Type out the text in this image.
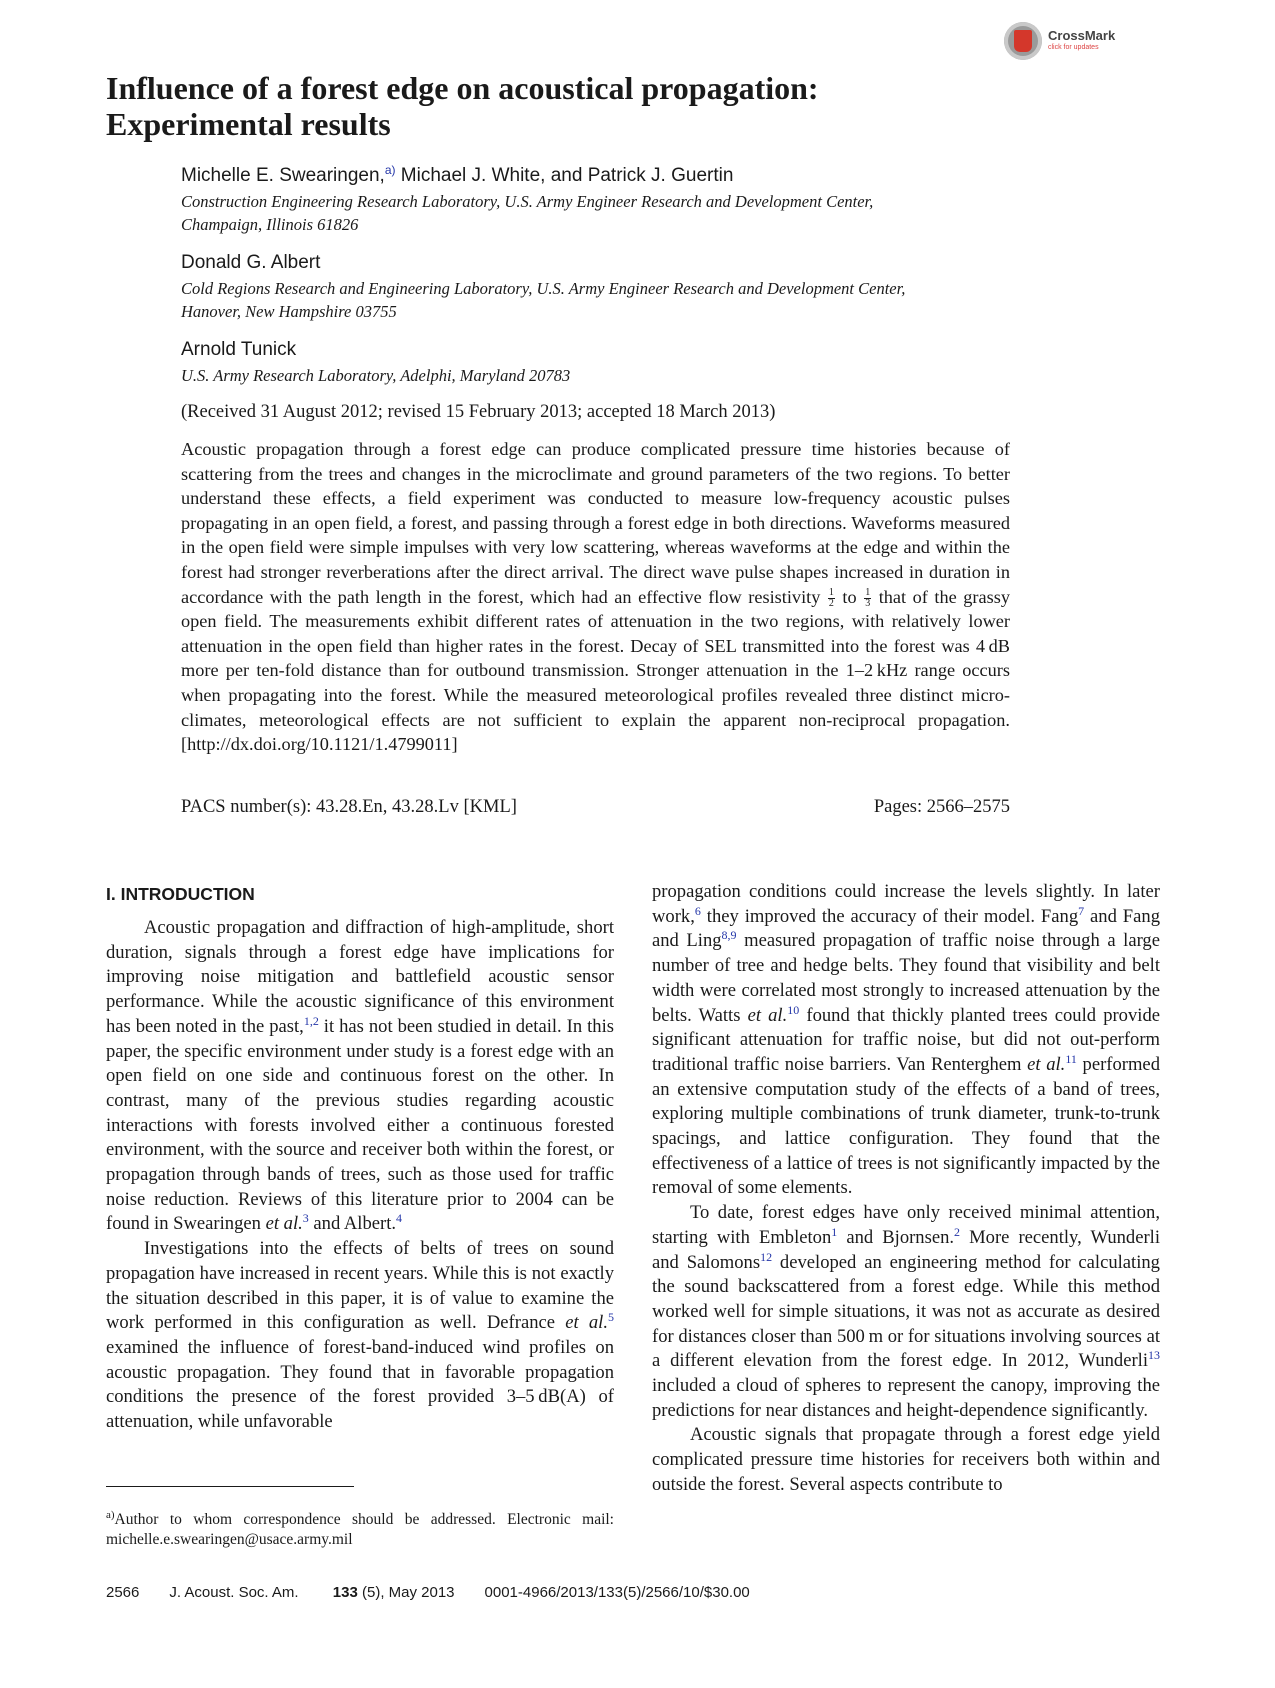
CrossMark
click for updates
Influence of a forest edge on acoustical propagation:
Experimental results
Michelle E. Swearingen,$^{a)}$ Michael J. White, and Patrick J. Guertin
Construction Engineering Research Laboratory, U.S. Army Engineer Research and Development Center,
Champaign, Illinois 61826
Donald G. Albert
Cold Regions Research and Engineering Laboratory, U.S. Army Engineer Research and Development Center,
Hanover, New Hampshire 03755
Arnold Tunick
U.S. Army Research Laboratory, Adelphi, Maryland 20783
(Received 31 August 2012; revised 15 February 2013; accepted 18 March 2013)

Acoustic propagation through a forest edge can produce complicated pressure time histories because of scattering from the trees and changes in the microclimate and ground parameters of the two regions. To better understand these effects, a field experiment was conducted to measure low-frequency acoustic pulses propagating in an open field, a forest, and passing through a forest edge in both directions. Waveforms measured in the open field were simple impulses with very low scattering, whereas waveforms at the edge and within the forest had stronger reverberations after the direct arrival. The direct wave pulse shapes increased in duration in accordance with the path length in the forest, which had an effective flow resistivity $\frac{1}{2}$ to $\frac{1}{3}$ that of the grassy open field. The measurements exhibit different rates of attenuation in the two regions, with relatively lower attenuation in the open field than higher rates in the forest. Decay of SEL transmitted into the forest was 4 dB more per ten-fold distance than for outbound transmission. Stronger attenuation in the 1–2 kHz range occurs when propagating into the forest. While the measured meteorological profiles revealed three distinct micro-climates, meteorological effects are not sufficient to explain the apparent non-reciprocal propagation. [http://dx.doi.org/10.1121/1.4799011]

PACS number(s): 43.28.En, 43.28.Lv [KML]	Pages: 2566–2575
I. INTRODUCTION

Acoustic propagation and diffraction of high-amplitude, short duration, signals through a forest edge have implications for improving noise mitigation and battlefield acoustic sensor performance. While the acoustic significance of this environment has been noted in the past,$^{1,2}$ it has not been studied in detail. In this paper, the specific environment under study is a forest edge with an open field on one side and continuous forest on the other. In contrast, many of the previous studies regarding acoustic interactions with forests involved either a continuous forested environment, with the source and receiver both within the forest, or propagation through bands of trees, such as those used for traffic noise reduction. Reviews of this literature prior to 2004 can be found in Swearingen et al.$^3$ and Albert.$^4$

Investigations into the effects of belts of trees on sound propagation have increased in recent years. While this is not exactly the situation described in this paper, it is of value to examine the work performed in this configuration as well. Defrance et al.$^5$ examined the influence of forest-band-induced wind profiles on acoustic propagation. They found that in favorable propagation conditions the presence of the forest provided 3–5 dB(A) of attenuation, while unfavorable

propagation conditions could increase the levels slightly. In later work,$^6$ they improved the accuracy of their model. Fang$^7$ and Fang and Ling$^{8,9}$ measured propagation of traffic noise through a large number of tree and hedge belts. They found that visibility and belt width were correlated most strongly to increased attenuation by the belts. Watts et al.$^{10}$ found that thickly planted trees could provide significant attenuation for traffic noise, but did not out-perform traditional traffic noise barriers. Van Renterghem et al.$^{11}$ performed an extensive computation study of the effects of a band of trees, exploring multiple combinations of trunk diameter, trunk-to-trunk spacings, and lattice configuration. They found that the effectiveness of a lattice of trees is not significantly impacted by the removal of some elements.

To date, forest edges have only received minimal attention, starting with Embleton$^1$ and Bjornsen.$^2$ More recently, Wunderli and Salomons$^{12}$ developed an engineering method for calculating the sound backscattered from a forest edge. While this method worked well for simple situations, it was not as accurate as desired for distances closer than 500 m or for situations involving sources at a different elevation from the forest edge. In 2012, Wunderli$^{13}$ included a cloud of spheres to represent the canopy, improving the predictions for near distances and height-dependence significantly.

Acoustic signals that propagate through a forest edge yield complicated pressure time histories for receivers both within and outside the forest. Several aspects contribute to

$^{a)}$Author to whom correspondence should be addressed. Electronic mail: michelle.e.swearingen@usace.army.mil
2566 J. Acoust. Soc. Am. 133 (5), May 2013 0001-4966/2013/133(5)/2566/10/$30.00
